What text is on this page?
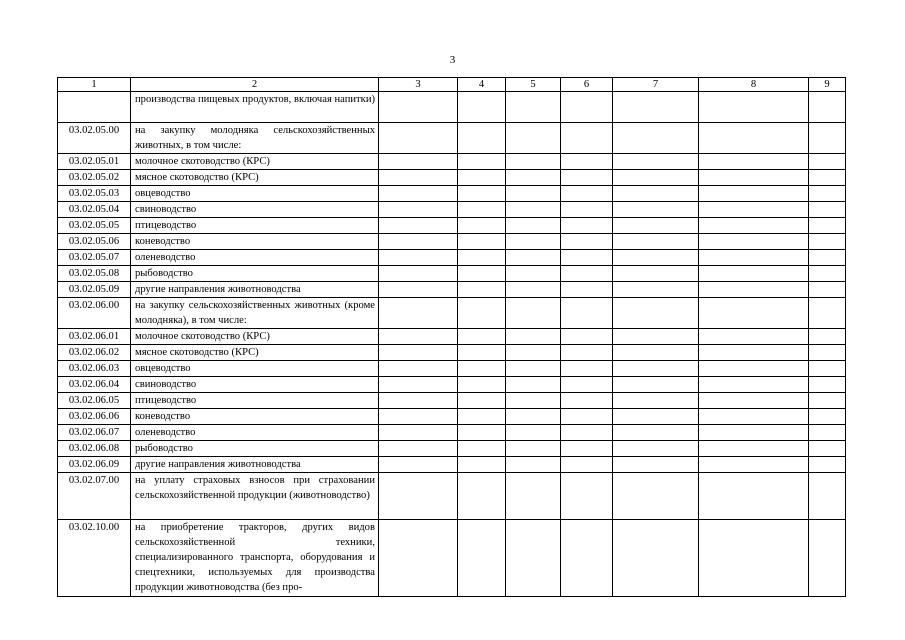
3
1	2	3	4	5	6	7	8	9
	производства пищевых продуктов, включая напитки)							
03.02.05.00	на закупку молодняка сельскохозяйственных животных, в том числе:							
03.02.05.01	молочное скотоводство (КРС)							
03.02.05.02	мясное скотоводство (КРС)							
03.02.05.03	овцеводство							
03.02.05.04	свиноводство							
03.02.05.05	птицеводство							
03.02.05.06	коневодство							
03.02.05.07	оленеводство							
03.02.05.08	рыбоводство							
03.02.05.09	другие направления животноводства							
03.02.06.00	на закупку сельскохозяйственных животных (кроме молодняка), в том числе:							
03.02.06.01	молочное скотоводство (КРС)							
03.02.06.02	мясное скотоводство (КРС)							
03.02.06.03	овцеводство							
03.02.06.04	свиноводство							
03.02.06.05	птицеводство							
03.02.06.06	коневодство							
03.02.06.07	оленеводство							
03.02.06.08	рыбоводство							
03.02.06.09	другие направления животноводства							
03.02.07.00	на уплату страховых взносов при страховании сельскохозяйственной продукции (животноводство)							
03.02.10.00	на приобретение тракторов, других видов сельскохозяйственной техники, специализированного транспорта, оборудования и спецтехники, используемых для производства продукции животноводства (без про-							
